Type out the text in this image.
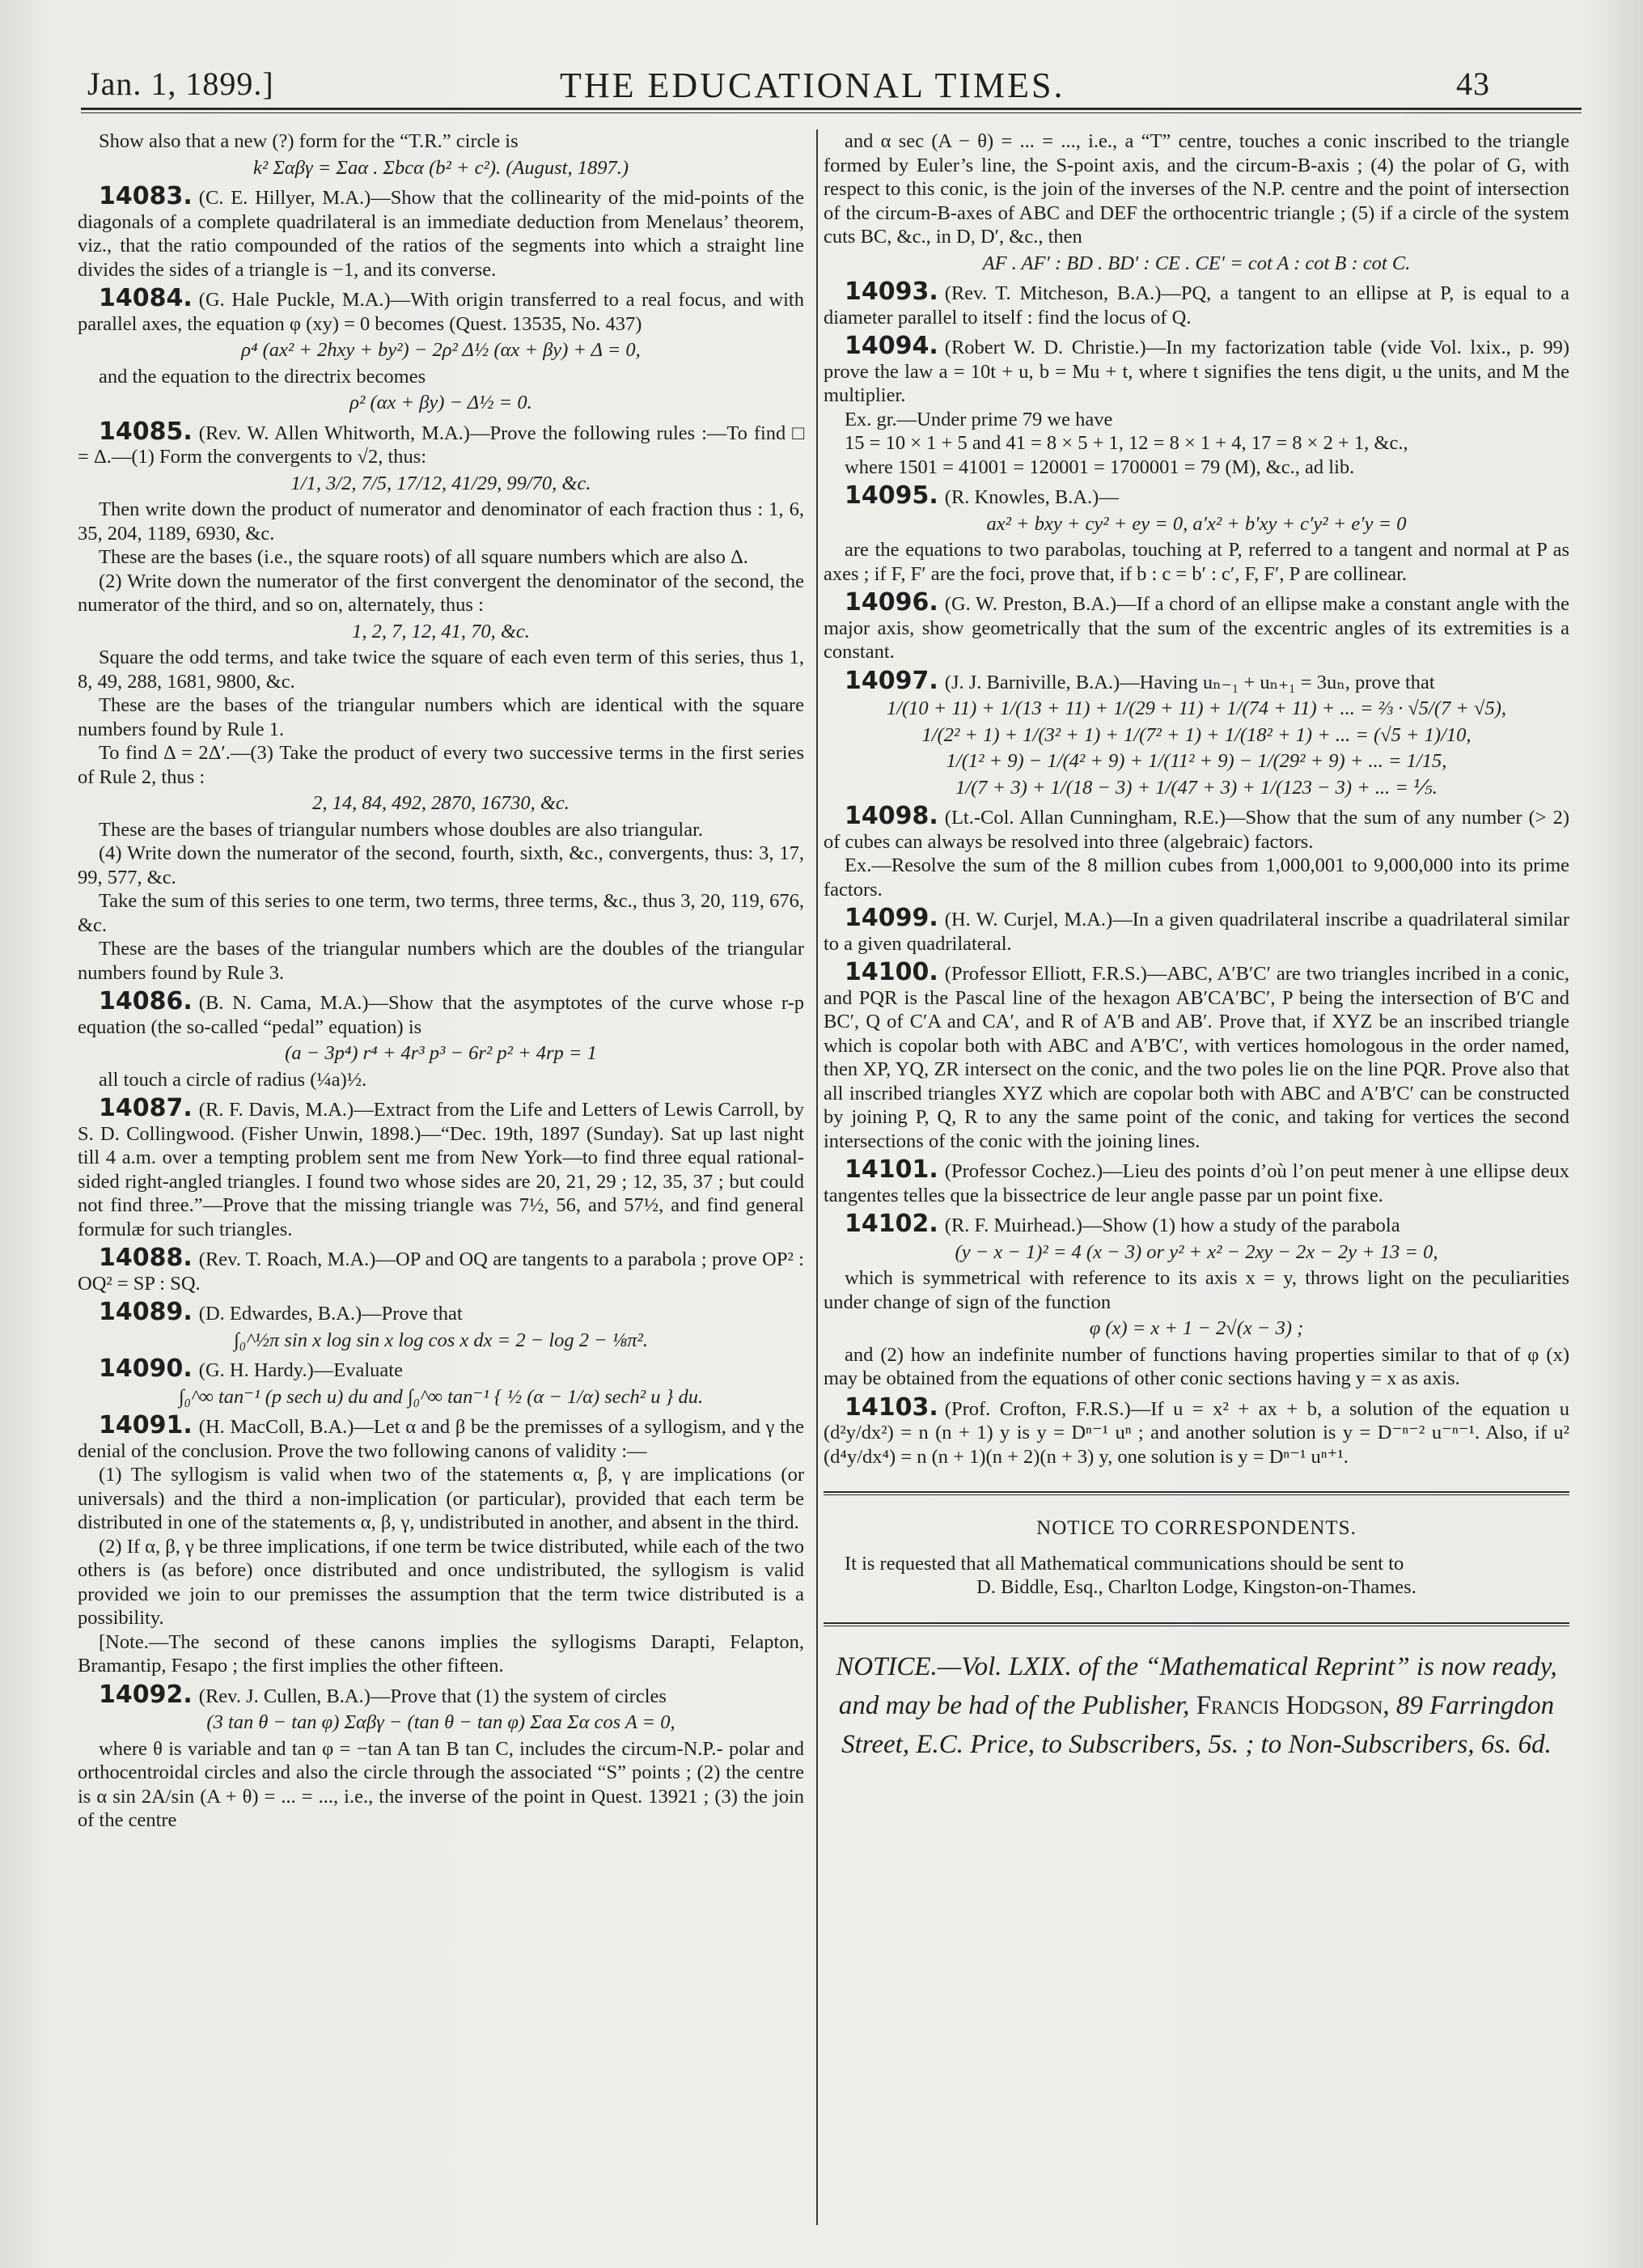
Jan. 1, 1899.]	THE EDUCATIONAL TIMES.	43

Show also that a new (?) form for the “T.R.” circle is

k² Σαβγ = Σaα . Σbcα (b² + c²). (August, 1897.)

14083. (C. E. Hillyer, M.A.)—Show that the collinearity of the mid-points of the diagonals of a complete quadrilateral is an immediate deduction from Menelaus’ theorem, viz., that the ratio compounded of the ratios of the segments into which a straight line divides the sides of a triangle is −1, and its converse.

14084. (G. Hale Puckle, M.A.)—With origin transferred to a real focus, and with parallel axes, the equation φ (xy) = 0 becomes (Quest. 13535, No. 437)

ρ⁴ (ax² + 2hxy + by²) − 2ρ² Δ½ (αx + βy) + Δ = 0,

and the equation to the directrix becomes

ρ² (αx + βy) − Δ½ = 0.

14085. (Rev. W. Allen Whitworth, M.A.)—Prove the following rules :—To find □ = Δ.—(1) Form the convergents to √2, thus:

1/1, 3/2, 7/5, 17/12, 41/29, 99/70, &c.

Then write down the product of numerator and denominator of each fraction thus : 1, 6, 35, 204, 1189, 6930, &c.

These are the bases (i.e., the square roots) of all square numbers which are also Δ.

(2) Write down the numerator of the first convergent the denominator of the second, the numerator of the third, and so on, alternately, thus :

1, 2, 7, 12, 41, 70, &c.

Square the odd terms, and take twice the square of each even term of this series, thus 1, 8, 49, 288, 1681, 9800, &c.

These are the bases of the triangular numbers which are identical with the square numbers found by Rule 1.

To find Δ = 2Δ′.—(3) Take the product of every two successive terms in the first series of Rule 2, thus :

2, 14, 84, 492, 2870, 16730, &c.

These are the bases of triangular numbers whose doubles are also triangular.

(4) Write down the numerator of the second, fourth, sixth, &c., convergents, thus: 3, 17, 99, 577, &c.

Take the sum of this series to one term, two terms, three terms, &c., thus 3, 20, 119, 676, &c.

These are the bases of the triangular numbers which are the doubles of the triangular numbers found by Rule 3.

14086. (B. N. Cama, M.A.)—Show that the asymptotes of the curve whose r-p equation (the so-called “pedal” equation) is

(a − 3p⁴) r⁴ + 4r³ p³ − 6r² p² + 4rp = 1

all touch a circle of radius (¼a)½.

14087. (R. F. Davis, M.A.)—Extract from the Life and Letters of Lewis Carroll, by S. D. Collingwood. (Fisher Unwin, 1898.)—“Dec. 19th, 1897 (Sunday). Sat up last night till 4 a.m. over a tempting problem sent me from New York—to find three equal rational-sided right-angled triangles. I found two whose sides are 20, 21, 29 ; 12, 35, 37 ; but could not find three.”—Prove that the missing triangle was 7½, 56, and 57½, and find general formulæ for such triangles.

14088. (Rev. T. Roach, M.A.)—OP and OQ are tangents to a parabola ; prove OP² : OQ² = SP : SQ.

14089. (D. Edwardes, B.A.)—Prove that

∫₀^½π sin x log sin x log cos x dx = 2 − log 2 − ⅛π².

14090. (G. H. Hardy.)—Evaluate

∫₀^∞ tan⁻¹ (p sech u) du and ∫₀^∞ tan⁻¹ { ½ (α − 1/α) sech² u } du.

14091. (H. MacColl, B.A.)—Let α and β be the premisses of a syllogism, and γ the denial of the conclusion. Prove the two following canons of validity :—

(1) The syllogism is valid when two of the statements α, β, γ are implications (or universals) and the third a non-implication (or particular), provided that each term be distributed in one of the statements α, β, γ, undistributed in another, and absent in the third.

(2) If α, β, γ be three implications, if one term be twice distributed, while each of the two others is (as before) once distributed and once undistributed, the syllogism is valid provided we join to our premisses the assumption that the term twice distributed is a possibility.

[Note.—The second of these canons implies the syllogisms Darapti, Felapton, Bramantip, Fesapo ; the first implies the other fifteen.

14092. (Rev. J. Cullen, B.A.)—Prove that (1) the system of circles

(3 tan θ − tan φ) Σαβγ − (tan θ − tan φ) Σαa Σα cos A = 0,

where θ is variable and tan φ = −tan A tan B tan C, includes the circum-N.P.- polar and orthocentroidal circles and also the circle through the associated “S” points ; (2) the centre is α sin 2A/sin (A + θ) = ... = ..., i.e., the inverse of the point in Quest. 13921 ; (3) the join of the centre

and α sec (A − θ) = ... = ..., i.e., a “T” centre, touches a conic inscribed to the triangle formed by Euler’s line, the S-point axis, and the circum-B-axis ; (4) the polar of G, with respect to this conic, is the join of the inverses of the N.P. centre and the point of intersection of the circum-B-axes of ABC and DEF the orthocentric triangle ; (5) if a circle of the system cuts BC, &c., in D, D′, &c., then

AF . AF′ : BD . BD′ : CE . CE′ = cot A : cot B : cot C.

14093. (Rev. T. Mitcheson, B.A.)—PQ, a tangent to an ellipse at P, is equal to a diameter parallel to itself : find the locus of Q.

14094. (Robert W. D. Christie.)—In my factorization table (vide Vol. lxix., p. 99) prove the law a = 10t + u, b = Mu + t, where t signifies the tens digit, u the units, and M the multiplier.

Ex. gr.—Under prime 79 we have

15 = 10 × 1 + 5 and 41 = 8 × 5 + 1, 12 = 8 × 1 + 4, 17 = 8 × 2 + 1, &c.,

where 1501 = 41001 = 120001 = 1700001 = 79 (M), &c., ad lib.

14095. (R. Knowles, B.A.)—

ax² + bxy + cy² + ey = 0, a′x² + b′xy + c′y² + e′y = 0

are the equations to two parabolas, touching at P, referred to a tangent and normal at P as axes ; if F, F′ are the foci, prove that, if b : c = b′ : c′, F, F′, P are collinear.

14096. (G. W. Preston, B.A.)—If a chord of an ellipse make a constant angle with the major axis, show geometrically that the sum of the excentric angles of its extremities is a constant.

14097. (J. J. Barniville, B.A.)—Having uₙ₋₁ + uₙ₊₁ = 3uₙ, prove that

1/(10 + 11) + 1/(13 + 11) + 1/(29 + 11) + 1/(74 + 11) + ... = ⅔ · √5/(7 + √5),

1/(2² + 1) + 1/(3² + 1) + 1/(7² + 1) + 1/(18² + 1) + ... = (√5 + 1)/10,

1/(1² + 9) − 1/(4² + 9) + 1/(11² + 9) − 1/(29² + 9) + ... = 1/15,

1/(7 + 3) + 1/(18 − 3) + 1/(47 + 3) + 1/(123 − 3) + ... = ⅕.

14098. (Lt.-Col. Allan Cunningham, R.E.)—Show that the sum of any number (> 2) of cubes can always be resolved into three (algebraic) factors.

Ex.—Resolve the sum of the 8 million cubes from 1,000,001 to 9,000,000 into its prime factors.

14099. (H. W. Curjel, M.A.)—In a given quadrilateral inscribe a quadrilateral similar to a given quadrilateral.

14100. (Professor Elliott, F.R.S.)—ABC, A′B′C′ are two triangles incribed in a conic, and PQR is the Pascal line of the hexagon AB′CA′BC′, P being the intersection of B′C and BC′, Q of C′A and CA′, and R of A′B and AB′. Prove that, if XYZ be an inscribed triangle which is copolar both with ABC and A′B′C′, with vertices homologous in the order named, then XP, YQ, ZR intersect on the conic, and the two poles lie on the line PQR. Prove also that all inscribed triangles XYZ which are copolar both with ABC and A′B′C′ can be constructed by joining P, Q, R to any the same point of the conic, and taking for vertices the second intersections of the conic with the joining lines.

14101. (Professor Cochez.)—Lieu des points d’où l’on peut mener à une ellipse deux tangentes telles que la bissectrice de leur angle passe par un point fixe.

14102. (R. F. Muirhead.)—Show (1) how a study of the parabola

(y − x − 1)² = 4 (x − 3) or y² + x² − 2xy − 2x − 2y + 13 = 0,

which is symmetrical with reference to its axis x = y, throws light on the peculiarities under change of sign of the function

φ (x) = x + 1 − 2√(x − 3) ;

and (2) how an indefinite number of functions having properties similar to that of φ (x) may be obtained from the equations of other conic sections having y = x as axis.

14103. (Prof. Crofton, F.R.S.)—If u = x² + ax + b, a solution of the equation u (d²y/dx²) = n (n + 1) y is y = Dⁿ⁻¹ uⁿ ; and another solution is y = D⁻ⁿ⁻² u⁻ⁿ⁻¹. Also, if u² (d⁴y/dx⁴) = n (n + 1)(n + 2)(n + 3) y, one solution is y = Dⁿ⁻¹ uⁿ⁺¹.

NOTICE TO CORRESPONDENTS.

It is requested that all Mathematical communications should be sent to

D. Biddle, Esq., Charlton Lodge, Kingston-on-Thames.

NOTICE.—Vol. LXIX. of the “Mathematical Reprint” is now ready, and may be had of the Publisher, Francis Hodgson, 89 Farringdon Street, E.C. Price, to Subscribers, 5s. ; to Non-Subscribers, 6s. 6d.
